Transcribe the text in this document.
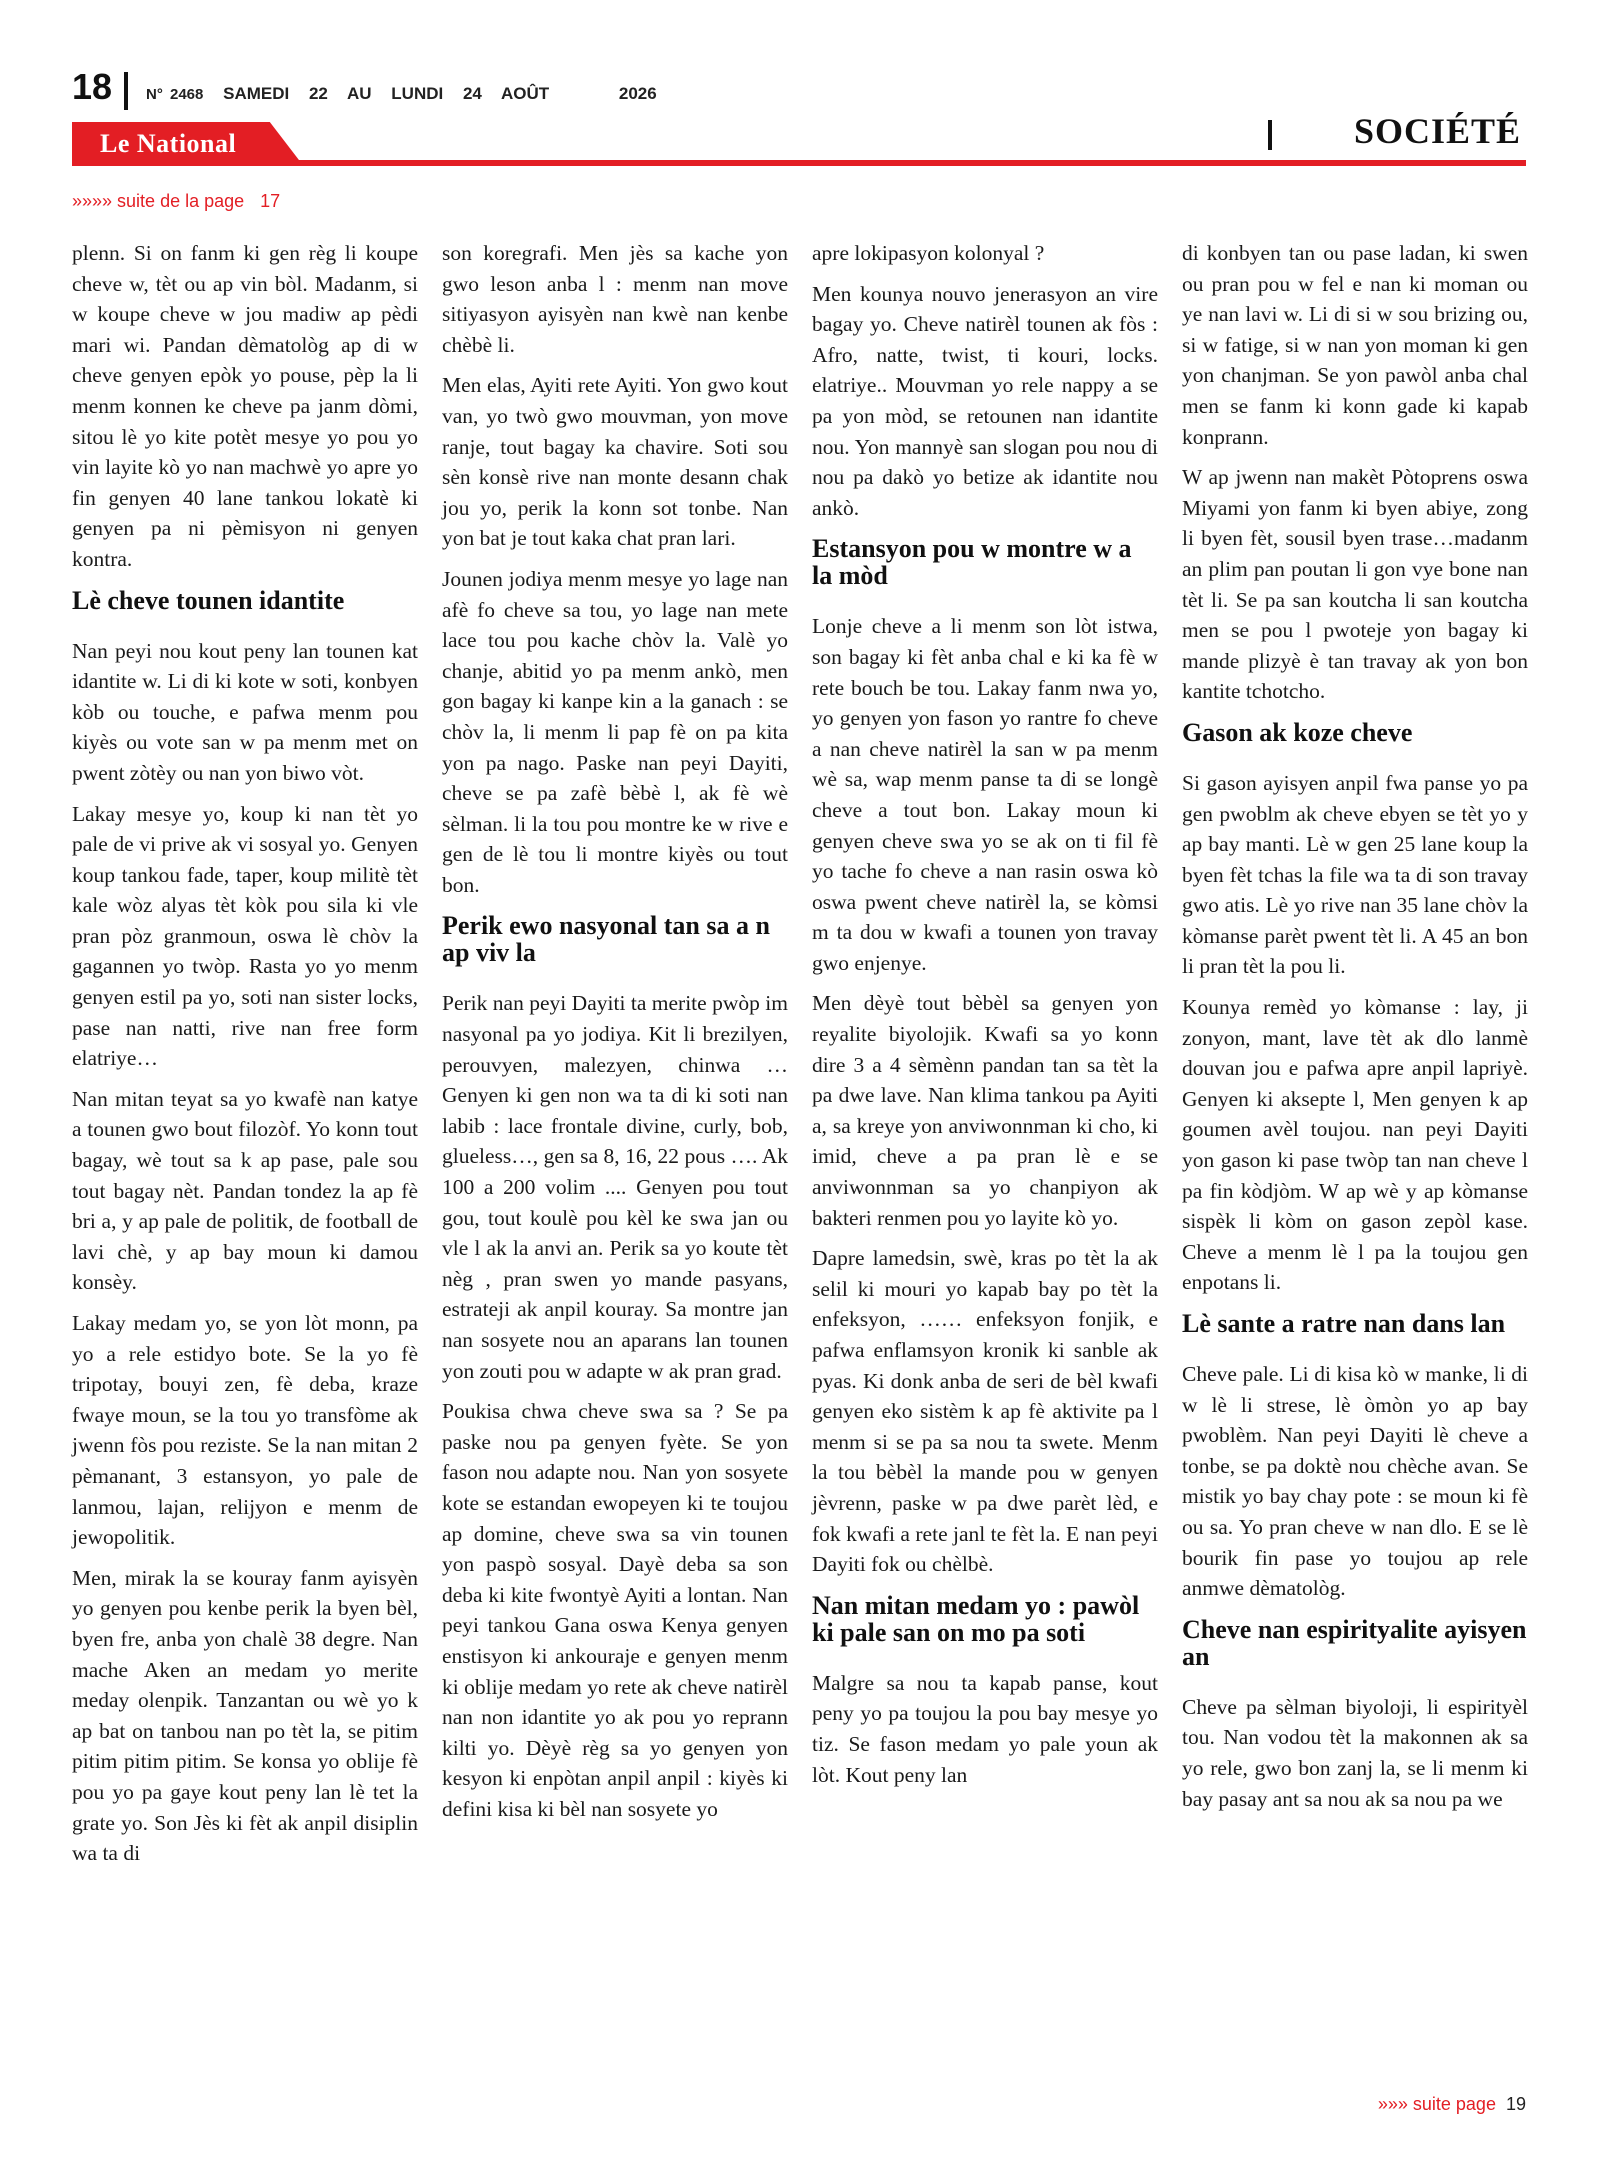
18 N° 2468 SAMEDI 22 AU LUNDI 24 AOÛT	2026
Le National	SOCIÉTÉ
»»»» suite de la page 17

plenn. Si on fanm ki gen règ li koupe cheve w, tèt ou ap vin bòl. Madanm, si w koupe cheve w jou madiw ap pèdi mari wi. Pandan dèmatològ ap di w cheve genyen epòk yo pouse, pèp la li menm konnen ke cheve pa janm dòmi, sitou lè yo kite potèt mesye yo pou yo vin layite kò yo nan machwè yo apre yo fin genyen 40 lane tankou lokatè ki genyen pa ni pèmisyon ni genyen kontra.

Lè cheve tounen idantite

Nan peyi nou kout peny lan tounen kat idantite w. Li di ki kote w soti, konbyen kòb ou touche, e pafwa menm pou kiyès ou vote san w pa menm met on pwent zòtèy ou nan yon biwo vòt.

Lakay mesye yo, koup ki nan tèt yo pale de vi prive ak vi sosyal yo. Genyen koup tankou fade, taper, koup militè tèt kale wòz alyas tèt kòk pou sila ki vle pran pòz granmoun, oswa lè chòv la gagannen yo twòp. Rasta yo yo menm genyen estil pa yo, soti nan sister locks, pase nan natti, rive nan free form elatriye…

Nan mitan teyat sa yo kwafè nan katye a tounen gwo bout filozòf. Yo konn tout bagay, wè tout sa k ap pase, pale sou tout bagay nèt. Pandan tondez la ap fè bri a, y ap pale de politik, de football de lavi chè, y ap bay moun ki damou konsèy.

Lakay medam yo, se yon lòt monn, pa yo a rele estidyo bote. Se la yo fè tripotay, bouyi zen, fè deba, kraze fwaye moun, se la tou yo transfòme ak jwenn fòs pou reziste. Se la nan mitan 2 pèmanant, 3 estansyon, yo pale de lanmou, lajan, relijyon e menm de jewopolitik.

Men, mirak la se kouray fanm ayisyèn yo genyen pou kenbe perik la byen bèl, byen fre, anba yon chalè 38 degre. Nan mache Aken an medam yo merite meday olenpik. Tanzantan ou wè yo k ap bat on tanbou nan po tèt la, se pitim pitim pitim pitim. Se konsa yo oblije fè pou yo pa gaye kout peny lan lè tet la grate yo. Son Jès ki fèt ak anpil disiplin wa ta di

son koregrafi. Men jès sa kache yon gwo leson anba l : menm nan move sitiyasyon ayisyèn nan kwè nan kenbe chèbè li.

Men elas, Ayiti rete Ayiti. Yon gwo kout van, yo twò gwo mouvman, yon move ranje, tout bagay ka chavire. Soti sou sèn konsè rive nan monte desann chak jou yo, perik la konn sot tonbe. Nan yon bat je tout kaka chat pran lari.

Jounen jodiya menm mesye yo lage nan afè fo cheve sa tou, yo lage nan mete lace tou pou kache chòv la. Valè yo chanje, abitid yo pa menm ankò, men gon bagay ki kanpe kin a la ganach : se chòv la, li menm li pap fè on pa kita yon pa nago. Paske nan peyi Dayiti, cheve se pa zafè bèbè l, ak fè wè sèlman. li la tou pou montre ke w rive e gen de lè tou li montre kiyès ou tout bon.

Perik ewo nasyonal tan sa a n ap viv la

Perik nan peyi Dayiti ta merite pwòp im nasyonal pa yo jodiya. Kit li brezilyen, perouvyen, malezyen, chinwa … Genyen ki gen non wa ta di ki soti nan labib : lace frontale divine, curly, bob, glueless…, gen sa 8, 16, 22 pous …. Ak 100 a 200 volim .... Genyen pou tout gou, tout koulè pou kèl ke swa jan ou vle l ak la anvi an. Perik sa yo koute tèt nèg , pran swen yo mande pasyans, estrateji ak anpil kouray. Sa montre jan nan sosyete nou an aparans lan tounen yon zouti pou w adapte w ak pran grad.

Poukisa chwa cheve swa sa ? Se pa paske nou pa genyen fyète. Se yon fason nou adapte nou. Nan yon sosyete kote se estandan ewopeyen ki te toujou ap domine, cheve swa sa vin tounen yon paspò sosyal. Dayè deba sa son deba ki kite fwontyè Ayiti a lontan. Nan peyi tankou Gana oswa Kenya genyen enstisyon ki ankouraje e genyen menm ki oblije medam yo rete ak cheve natirèl nan non idantite yo ak pou yo reprann kilti yo. Dèyè règ sa yo genyen yon kesyon ki enpòtan anpil anpil : kiyès ki defini kisa ki bèl nan sosyete yo

apre lokipasyon kolonyal ?

Men kounya nouvo jenerasyon an vire bagay yo. Cheve natirèl tounen ak fòs : Afro, natte, twist, ti kouri, locks. elatriye.. Mouvman yo rele nappy a se pa yon mòd, se retounen nan idantite nou. Yon mannyè san slogan pou nou di nou pa dakò yo betize ak idantite nou ankò.

Estansyon pou w montre w a la mòd

Lonje cheve a li menm son lòt istwa, son bagay ki fèt anba chal e ki ka fè w rete bouch be tou. Lakay fanm nwa yo, yo genyen yon fason yo rantre fo cheve a nan cheve natirèl la san w pa menm wè sa, wap menm panse ta di se longè cheve a tout bon. Lakay moun ki genyen cheve swa yo se ak on ti fil fè yo tache fo cheve a nan rasin oswa kò oswa pwent cheve natirèl la, se kòmsi m ta dou w kwafi a tounen yon travay gwo enjenye.

Men dèyè tout bèbèl sa genyen yon reyalite biyolojik. Kwafi sa yo konn dire 3 a 4 sèmènn pandan tan sa tèt la pa dwe lave. Nan klima tankou pa Ayiti a, sa kreye yon anviwonnman ki cho, ki imid, cheve a pa pran lè e se anviwonnman sa yo chanpiyon ak bakteri renmen pou yo layite kò yo.

Dapre lamedsin, swè, kras po tèt la ak selil ki mouri yo kapab bay po tèt la enfeksyon, …… enfeksyon fonjik, e pafwa enflamsyon kronik ki sanble ak pyas. Ki donk anba de seri de bèl kwafi genyen eko sistèm k ap fè aktivite pa l menm si se pa sa nou ta swete. Menm la tou bèbèl la mande pou w genyen jèvrenn, paske w pa dwe parèt lèd, e fok kwafi a rete janl te fèt la. E nan peyi Dayiti fok ou chèlbè.

Nan mitan medam yo : pawòl ki pale san on mo pa soti

Malgre sa nou ta kapab panse, kout peny yo pa toujou la pou bay mesye yo tiz. Se fason medam yo pale youn ak lòt. Kout peny lan

di konbyen tan ou pase ladan, ki swen ou pran pou w fel e nan ki moman ou ye nan lavi w. Li di si w sou brizing ou, si w fatige, si w nan yon moman ki gen yon chanjman. Se yon pawòl anba chal men se fanm ki konn gade ki kapab konprann.

W ap jwenn nan makèt Pòtoprens oswa Miyami yon fanm ki byen abiye, zong li byen fèt, sousil byen trase…madanm an plim pan poutan li gon vye bone nan tèt li. Se pa san koutcha li san koutcha men se pou l pwoteje yon bagay ki mande plizyè è tan travay ak yon bon kantite tchotcho.

Gason ak koze cheve

Si gason ayisyen anpil fwa panse yo pa gen pwoblm ak cheve ebyen se tèt yo y ap bay manti. Lè w gen 25 lane koup la byen fèt tchas la file wa ta di son travay gwo atis. Lè yo rive nan 35 lane chòv la kòmanse parèt pwent tèt li. A 45 an bon li pran tèt la pou li.

Kounya remèd yo kòmanse : lay, ji zonyon, mant, lave tèt ak dlo lanmè douvan jou e pafwa apre anpil lapriyè. Genyen ki aksepte l, Men genyen k ap goumen avèl toujou. nan peyi Dayiti yon gason ki pase twòp tan nan cheve l pa fin kòdjòm. W ap wè y ap kòmanse sispèk li kòm on gason zepòl kase. Cheve a menm lè l pa la toujou gen enpotans li.

Lè sante a ratre nan dans lan

Cheve pale. Li di kisa kò w manke, li di w lè li strese, lè òmòn yo ap bay pwoblèm. Nan peyi Dayiti lè cheve a tonbe, se pa doktè nou chèche avan. Se mistik yo bay chay pote : se moun ki fè ou sa. Yo pran cheve w nan dlo. E se lè bourik fin pase yo toujou ap rele anmwe dèmatològ.

Cheve nan espirityalite ayisyen an

Cheve pa sèlman biyoloji, li espirityèl tou. Nan vodou tèt la makonnen ak sa yo rele, gwo bon zanj la, se li menm ki bay pasay ant sa nou ak sa nou pa we

»»» suite page 19
